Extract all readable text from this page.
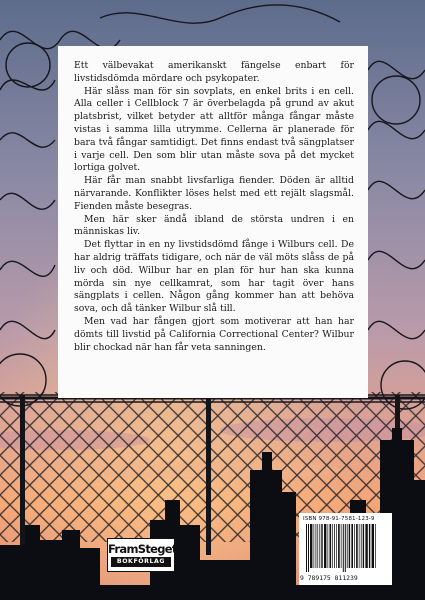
Ett välbevakat amerikanskt fängelse enbart för livstidsdömda mördare och psykopater.

Här slåss man för sin sovplats, en enkel brits i en cell. Alla celler i Cellblock 7 är överbelagda på grund av akut platsbrist, vilket betyder att alltför många fångar måste vistas i samma lilla utrymme. Cellerna är planerade för bara två fångar samtidigt. Det finns endast två sängplatser i varje cell. Den som blir utan måste sova på det mycket lortiga golvet.

Här får man snabbt livsfarliga fiender. Döden är alltid närvarande. Konflikter löses helst med ett rejält slagsmål. Fienden måste besegras.

Men här sker ändå ibland de största undren i en människas liv.

Det flyttar in en ny livstidsdömd fånge i Wilburs cell. De har aldrig träffats tidigare, och när de väl möts slåss de på liv och död. Wilbur har en plan för hur han ska kunna mörda sin nye cellkamrat, som har tagit över hans sängplats i cellen. Någon gång kommer han att behöva sova, och då tänker Wilbur slå till.

Men vad har fången gjort som motiverar att han har dömts till livstid på California Correctional Center? Wilbur blir chockad när han får veta sanningen.

FramSteget
BOKFÖRLAG
ISBN 978-91-7581-123-9
9 789175 811239
